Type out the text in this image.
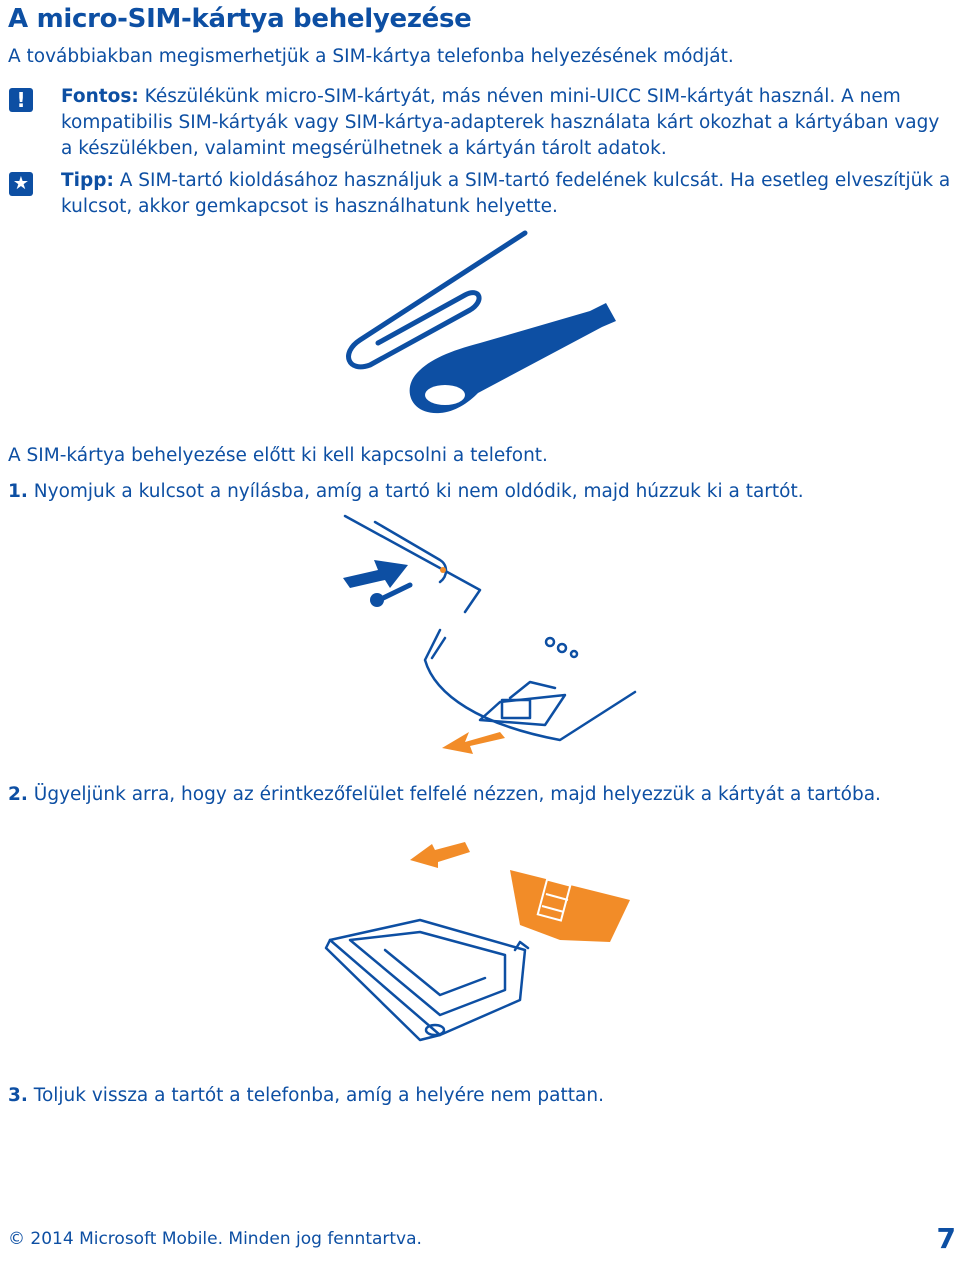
A micro-SIM-kártya behelyezése
A továbbiakban megismerhetjük a SIM-kártya telefonba helyezésének módját.
!	Fontos: Készülékünk micro-SIM-kártyát, más néven mini-UICC SIM-kártyát használ. A nem kompatibilis SIM-kártyák vagy SIM-kártya-adapterek használata kárt okozhat a kártyában vagy a készülékben, valamint megsérülhetnek a kártyán tárolt adatok.
★ Tipp: A SIM-tartó kioldásához használjuk a SIM-tartó fedelének kulcsát. Ha esetleg elveszítjük a kulcsot, akkor gemkapcsot is használhatunk helyette.
A SIM-kártya behelyezése előtt ki kell kapcsolni a telefont.
1. Nyomjuk a kulcsot a nyílásba, amíg a tartó ki nem oldódik, majd húzzuk ki a tartót.
2. Ügyeljünk arra, hogy az érintkezőfelület felfelé nézzen, majd helyezzük a kártyát a tartóba.
3. Toljuk vissza a tartót a telefonba, amíg a helyére nem pattan.
© 2014 Microsoft Mobile. Minden jog fenntartva.	7
